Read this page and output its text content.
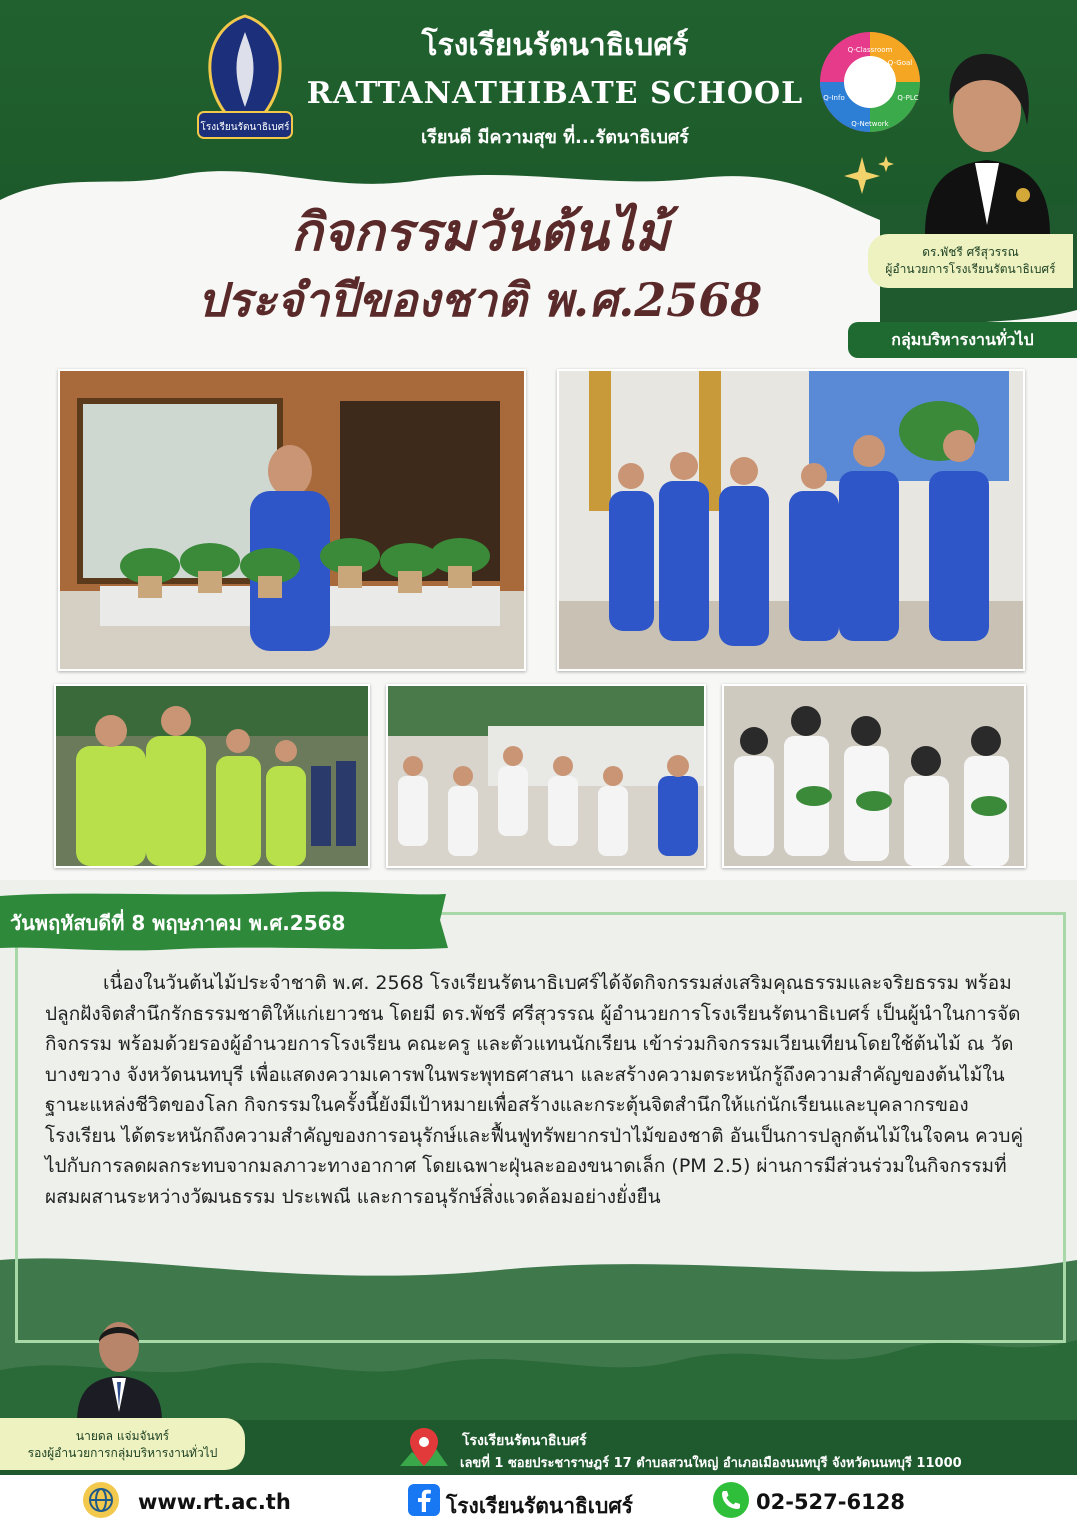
โรงเรียนรัตนาธิเบศร์
โรงเรียนรัตนาธิเบศร์
RATTANATHIBATE SCHOOL
เรียนดี มีความสุข ที่...รัตนาธิเบศร์
Q-Classroom
Q-Goal
Q-PLC
Q-Network
Q-Info
ดร.พัชรี ศรีสุวรรณ
ผู้อำนวยการโรงเรียนรัตนาธิเบศร์
กิจกรรมวันต้นไม้
ประจำปีของชาติ พ.ศ.2568
กลุ่มบริหารงานทั่วไป
วันพฤหัสบดีที่ 8 พฤษภาคม พ.ศ.2568
เนื่องในวันต้นไม้ประจำชาติ พ.ศ. 2568 โรงเรียนรัตนาธิเบศร์ได้จัดกิจกรรมส่งเสริมคุณธรรมและจริยธรรม พร้อมปลูกฝังจิตสำนึกรักธรรมชาติให้แก่เยาวชน โดยมี ดร.พัชรี ศรีสุวรรณ ผู้อำนวยการโรงเรียนรัตนาธิเบศร์ เป็นผู้นำในการจัดกิจกรรม พร้อมด้วยรองผู้อำนวยการโรงเรียน คณะครู และตัวแทนนักเรียน เข้าร่วมกิจกรรมเวียนเทียนโดยใช้ต้นไม้ ณ วัดบางขวาง จังหวัดนนทบุรี เพื่อแสดงความเคารพในพระพุทธศาสนา และสร้างความตระหนักรู้ถึงความสำคัญของต้นไม้ในฐานะแหล่งชีวิตของโลก กิจกรรมในครั้งนี้ยังมีเป้าหมายเพื่อสร้างและกระตุ้นจิตสำนึกให้แก่นักเรียนและบุคลากรของโรงเรียน ได้ตระหนักถึงความสำคัญของการอนุรักษ์และฟื้นฟูทรัพยากรป่าไม้ของชาติ อันเป็นการปลูกต้นไม้ในใจคน ควบคู่ไปกับการลดผลกระทบจากมลภาวะทางอากาศ โดยเฉพาะฝุ่นละอองขนาดเล็ก (PM 2.5) ผ่านการมีส่วนร่วมในกิจกรรมที่ผสมผสานระหว่างวัฒนธรรม ประเพณี และการอนุรักษ์สิ่งแวดล้อมอย่างยั่งยืน
นายดล แจ่มจันทร์
รองผู้อำนวยการกลุ่มบริหารงานทั่วไป
โรงเรียนรัตนาธิเบศร์
เลขที่ 1 ซอยประชาราษฎร์ 17 ตำบลสวนใหญ่ อำเภอเมืองนนทบุรี จังหวัดนนทบุรี 11000
www.rt.ac.th	โรงเรียนรัตนาธิเบศร์	02-527-6128
